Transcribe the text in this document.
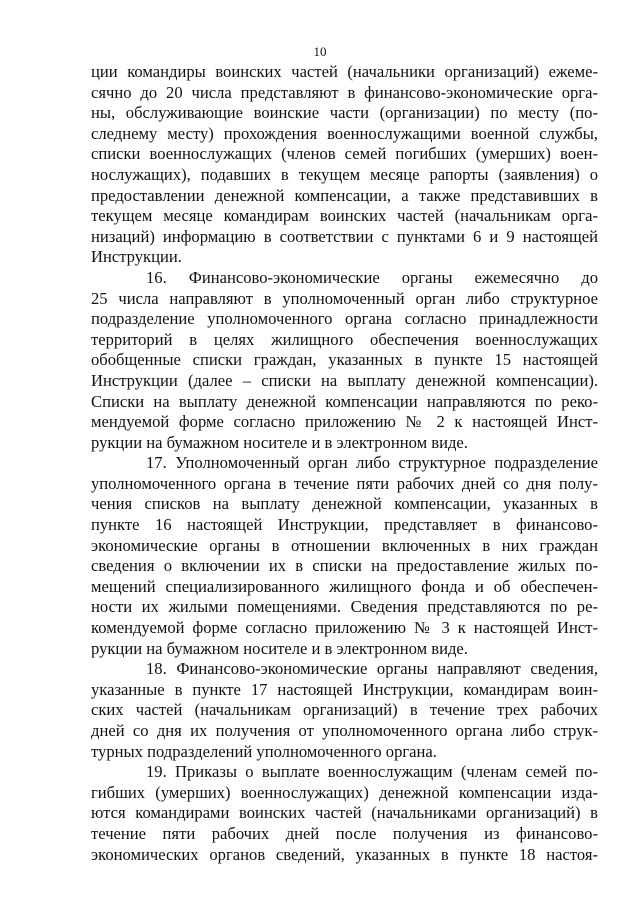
10
ции командиры воинских частей (начальники организаций) ежеме-
сячно до 20 числа представляют в финансово-экономические орга-
ны, обслуживающие воинские части (организации) по месту (по-
следнему месту) прохождения военнослужащими военной службы,
списки военнослужащих (членов семей погибших (умерших) воен-
нослужащих), подавших в текущем месяце рапорты (заявления) о
предоставлении денежной компенсации, а также представивших в
текущем месяце командирам воинских частей (начальникам орга-
низаций) информацию в соответствии с пунктами 6 и 9 настоящей
Инструкции.
16. Финансово-экономические органы ежемесячно до
25 числа направляют в уполномоченный орган либо структурное
подразделение уполномоченного органа согласно принадлежности
территорий в целях жилищного обеспечения военнослужащих
обобщенные списки граждан, указанных в пункте 15 настоящей
Инструкции (далее – списки на выплату денежной компенсации).
Списки на выплату денежной компенсации направляются по реко-
мендуемой форме согласно приложению № 2 к настоящей Инст-
рукции на бумажном носителе и в электронном виде.
17. Уполномоченный орган либо структурное подразделение
уполномоченного органа в течение пяти рабочих дней со дня полу-
чения списков на выплату денежной компенсации, указанных в
пункте 16 настоящей Инструкции, представляет в финансово-
экономические органы в отношении включенных в них граждан
сведения о включении их в списки на предоставление жилых по-
мещений специализированного жилищного фонда и об обеспечен-
ности их жилыми помещениями. Сведения представляются по ре-
комендуемой форме согласно приложению № 3 к настоящей Инст-
рукции на бумажном носителе и в электронном виде.
18. Финансово-экономические органы направляют сведения,
указанные в пункте 17 настоящей Инструкции, командирам воин-
ских частей (начальникам организаций) в течение трех рабочих
дней со дня их получения от уполномоченного органа либо струк-
турных подразделений уполномоченного органа.
19. Приказы о выплате военнослужащим (членам семей по-
гибших (умерших) военнослужащих) денежной компенсации изда-
ются командирами воинских частей (начальниками организаций) в
течение пяти рабочих дней после получения из финансово-
экономических органов сведений, указанных в пункте 18 настоя-
